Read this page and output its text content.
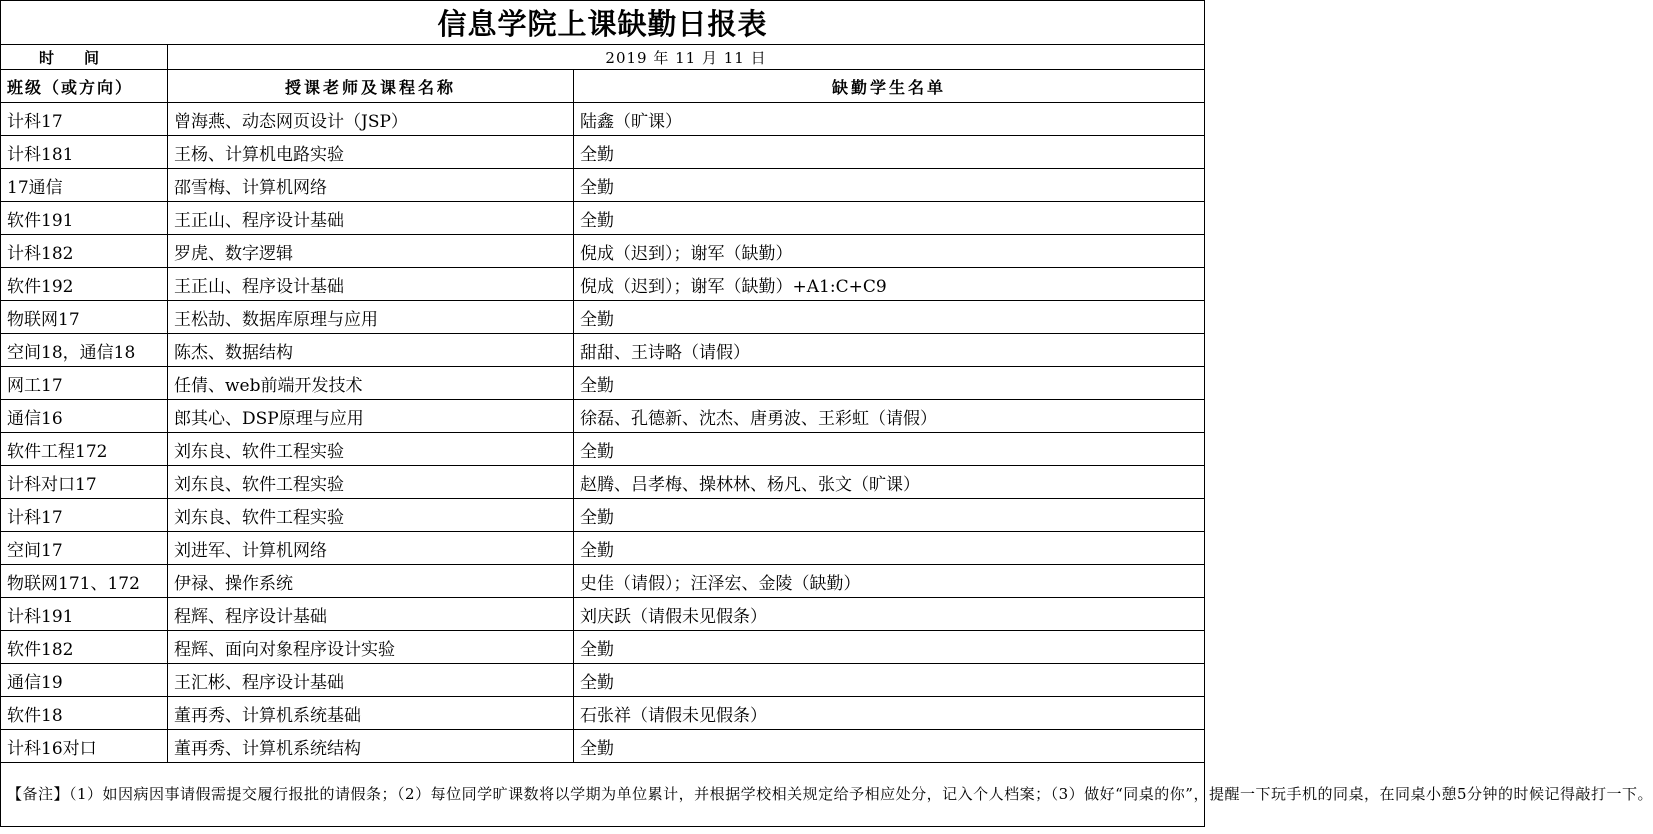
信息学院上课缺勤日报表		
时间	2019 年 11 月 11 日	
班级（或方向）	授课老师及课程名称	缺勤学生名单
计科17	曾海燕、动态网页设计（JSP）	陆鑫（旷课）
计科181	王杨、计算机电路实验	全勤
17通信	邵雪梅、计算机网络	全勤
软件191	王正山、程序设计基础	全勤
计科182	罗虎、数字逻辑	倪成（迟到）；谢军（缺勤）
软件192	王正山、程序设计基础	倪成（迟到）；谢军（缺勤）+A1:C+C9
物联网17	王松劼、数据库原理与应用	全勤
空间18，通信18	陈杰、数据结构	甜甜、王诗略（请假）
网工17	任倩、web前端开发技术	全勤
通信16	郎其心、DSP原理与应用	徐磊、孔德新、沈杰、唐勇波、王彩虹（请假）
软件工程172	刘东良、软件工程实验	全勤
计科对口17	刘东良、软件工程实验	赵腾、吕孝梅、操林林、杨凡、张文（旷课）
计科17	刘东良、软件工程实验	全勤
空间17	刘进军、计算机网络	全勤
物联网171、172	伊禄、操作系统	史佳（请假）；汪泽宏、金陵（缺勤）
计科191	程辉、程序设计基础	刘庆跃（请假未见假条）
软件182	程辉、面向对象程序设计实验	全勤
通信19	王汇彬、程序设计基础	全勤
软件18	董再秀、计算机系统基础	石张祥（请假未见假条）
计科16对口	董再秀、计算机系统结构	全勤
【备注】（1）如因病因事请假需提交履行报批的请假条；（2）每位同学旷课数将以学期为单位累计，并根据学校相关规定给予相应处分，记入个人档案；（3）做好“同桌的你”，提醒一下玩手机的同桌，在同桌小憩5分钟的时候记得敲打一下。		
